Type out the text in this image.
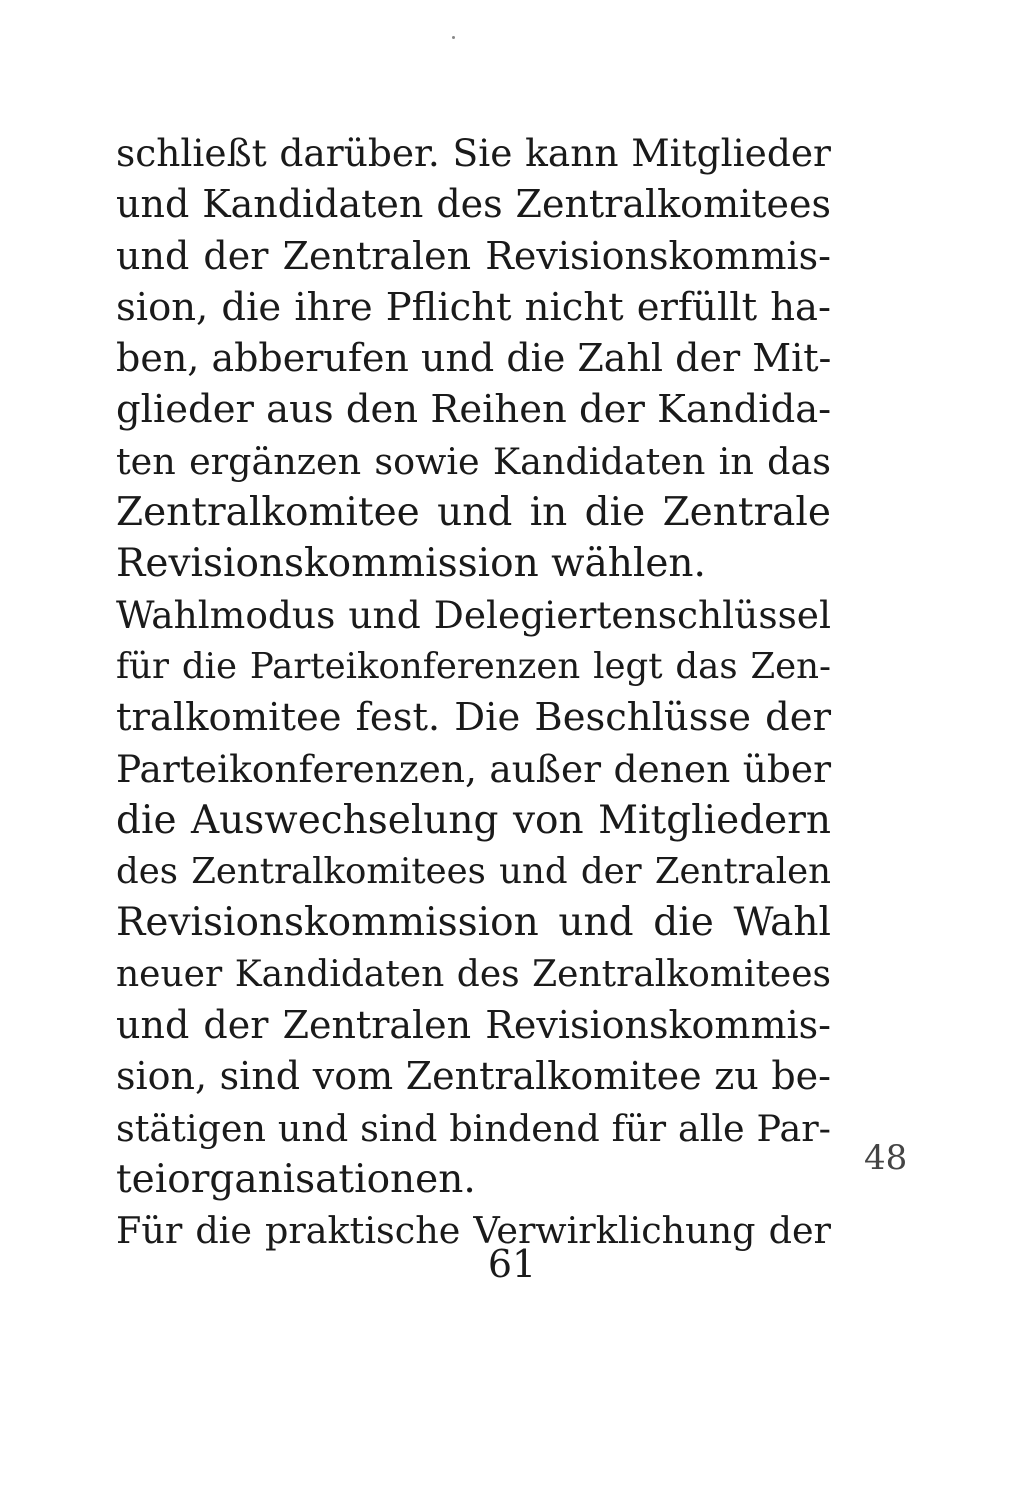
schließt darüber. Sie kann Mitglieder
und Kandidaten des Zentralkomitees
und der Zentralen Revisionskommis-
sion, die ihre Pflicht nicht erfüllt ha-
ben, abberufen und die Zahl der Mit-
glieder aus den Reihen der Kandida-
ten ergänzen sowie Kandidaten in das
Zentralkomitee und in die Zentrale
Revisionskommission wählen.
Wahlmodus und Delegiertenschlüssel
für die Parteikonferenzen legt das Zen-
tralkomitee fest. Die Beschlüsse der
Parteikonferenzen, außer denen über
die Auswechselung von Mitgliedern
des Zentralkomitees und der Zentralen
Revisionskommission und die Wahl
neuer Kandidaten des Zentralkomitees
und der Zentralen Revisionskommis-
sion, sind vom Zentralkomitee zu be-
stätigen und sind bindend für alle Par-
teiorganisationen.
Für die praktische Verwirklichung der
48
61
